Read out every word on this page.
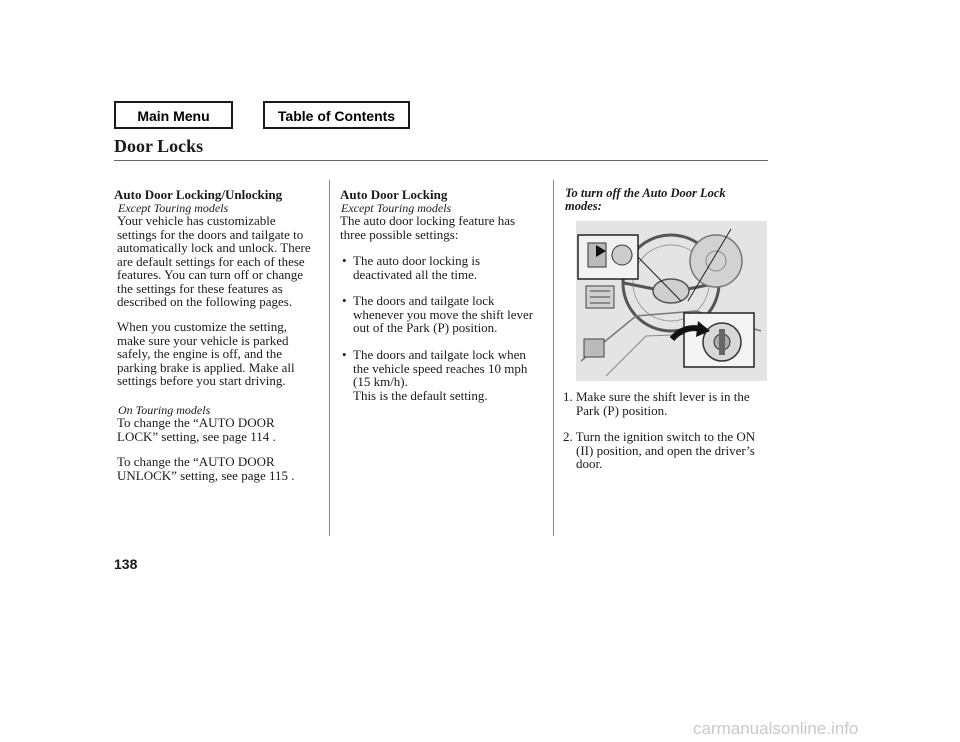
Main Menu	Table of Contents
Door Locks
Auto Door Locking/Unlocking
Except Touring models
Your vehicle has customizable
settings for the doors and tailgate to
automatically lock and unlock. There
are default settings for each of these
features. You can turn off or change
the settings for these features as
described on the following pages.
When you customize the setting,
make sure your vehicle is parked
safely, the engine is off, and the
parking brake is applied. Make all
settings before you start driving.
On Touring models
To change the “AUTO DOOR
LOCK” setting, see page 114 .
To change the “AUTO DOOR
UNLOCK” setting, see page 115 .
Auto Door Locking
Except Touring models
The auto door locking feature has
three possible settings:
• The auto door locking is
deactivated all the time.
• The doors and tailgate lock
whenever you move the shift lever
out of the Park (P) position.
• The doors and tailgate lock when
the vehicle speed reaches 10 mph
(15 km/h).
This is the default setting.
To turn off the Auto Door Lock
modes:
1. Make sure the shift lever is in the
Park (P) position.
2. Turn the ignition switch to the ON
(II) position, and open the driver’s
door.
138
carmanualsonline.info
